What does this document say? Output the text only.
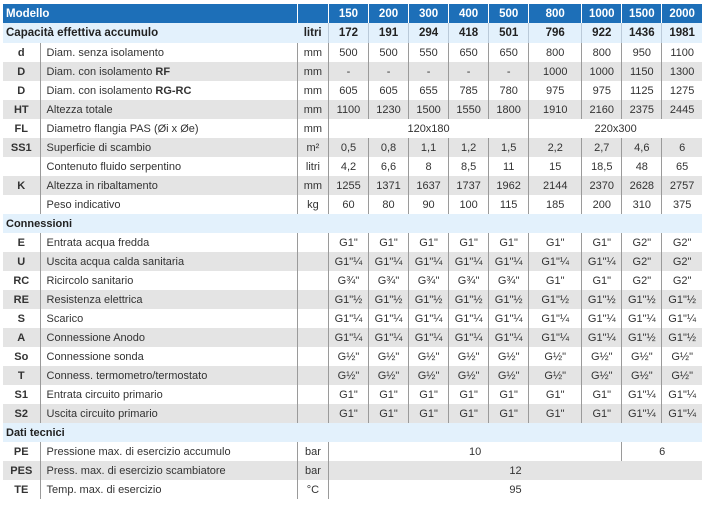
Modello			150	200	300	400	500	800	1000	1500	2000
Capacità effettiva accumulo		litri	172	191	294	418	501	796	922	1436	1981
d	Diam. senza isolamento	mm	500	500	550	650	650	800	800	950	1100
D	Diam. con isolamento RF	mm	-	-	-	-	-	1000	1000	1150	1300
D	Diam. con isolamento RG-RC	mm	605	605	655	785	780	975	975	1125	1275
HT	Altezza totale	mm	1100	1230	1500	1550	1800	1910	2160	2375	2445
FL	Diametro flangia PAS (Øi x Øe)	mm	120x180					220x300			
SS1	Superficie di scambio	m²	0,5	0,8	1,1	1,2	1,5	2,2	2,7	4,6	6
	Contenuto fluido serpentino	litri	4,2	6,6	8	8,5	11	15	18,5	48	65
K	Altezza in ribaltamento	mm	1255	1371	1637	1737	1962	2144	2370	2628	2757
	Peso indicativo	kg	60	80	90	100	115	185	200	310	375
Connessioni											
E	Entrata acqua fredda		G1"	G1"	G1"	G1"	G1"	G1"	G1"	G2"	G2"
U	Uscita acqua calda sanitaria		G1"¼	G1"¼	G1"¼	G1"¼	G1"¼	G1"¼	G1"¼	G2"	G2"
RC	Ricircolo sanitario		G¾"	G¾"	G¾"	G¾"	G¾"	G1"	G1"	G2"	G2"
RE	Resistenza elettrica		G1"½	G1"½	G1"½	G1"½	G1"½	G1"½	G1"½	G1"½	G1"½
S	Scarico		G1"¼	G1"¼	G1"¼	G1"¼	G1"¼	G1"¼	G1"¼	G1"¼	G1"¼
A	Connessione Anodo		G1"¼	G1"¼	G1"¼	G1"¼	G1"¼	G1"¼	G1"¼	G1"½	G1"½
So	Connessione sonda		G½"	G½"	G½"	G½"	G½"	G½"	G½"	G½"	G½"
T	Conness. termometro/termostato		G½"	G½"	G½"	G½"	G½"	G½"	G½"	G½"	G½"
S1	Entrata circuito primario		G1"	G1"	G1"	G1"	G1"	G1"	G1"	G1"¼	G1"¼
S2	Uscita circuito primario		G1"	G1"	G1"	G1"	G1"	G1"	G1"	G1"¼	G1"¼
Dati tecnici											
PE	Pressione max. di esercizio accumulo	bar	10							6	
PES	Press. max. di esercizio scambiatore	bar	12								
TE	Temp. max. di esercizio	°C	95								
